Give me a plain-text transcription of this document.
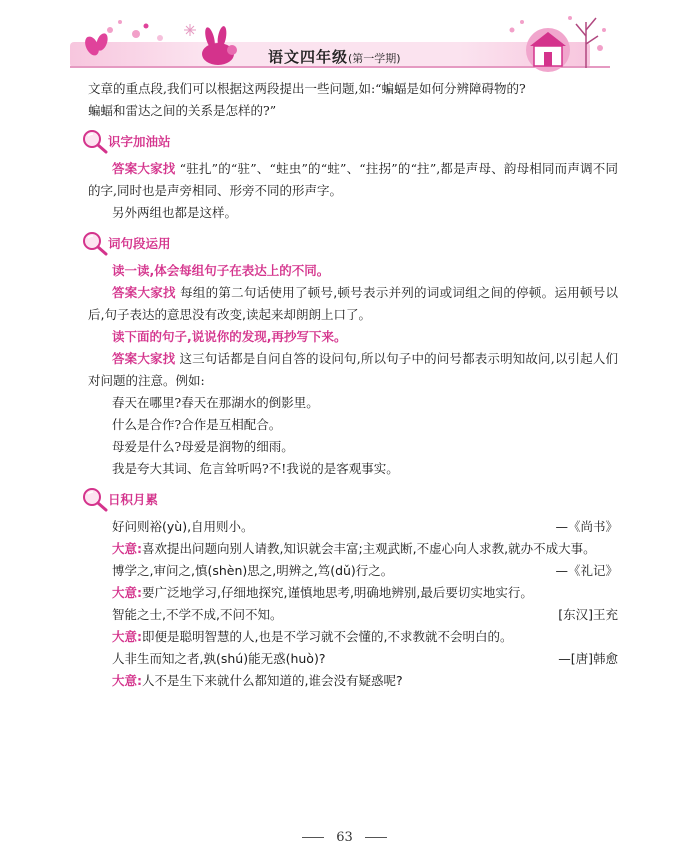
语文四年级(第一学期)

文章的重点段,我们可以根据这两段提出一些问题,如:“蝙蝠是如何分辨障碍物的?

蝙蝠和雷达之间的关系是怎样的?”

识字加油站

答案大家找 “驻扎”的“驻”、“蛀虫”的“蛀”、“拄拐”的“拄”,都是声母、韵母相同而声调不同的字,同时也是声旁相同、形旁不同的形声字。

另外两组也都是这样。

词句段运用
读一读,体会每组句子在表达上的不同。

答案大家找 每组的第二句话使用了顿号,顿号表示并列的词或词组之间的停顿。运用顿号以后,句子表达的意思没有改变,读起来却朗朗上口了。

读下面的句子,说说你的发现,再抄写下来。

答案大家找 这三句话都是自问自答的设问句,所以句子中的问号都表示明知故问,以引起人们对问题的注意。例如:

春天在哪里?春天在那湖水的倒影里。

什么是合作?合作是互相配合。

母爱是什么?母爱是润物的细雨。

我是夸大其词、危言耸听吗?不!我说的是客观事实。

日积月累
好问则裕(yù),自用则小。	—《尚书》

大意:喜欢提出问题向别人请教,知识就会丰富;主观武断,不虚心向人求教,就办不成大事。

博学之,审问之,慎(shèn)思之,明辨之,笃(dǔ)行之。	—《礼记》

大意:要广泛地学习,仔细地探究,谨慎地思考,明确地辨别,最后要切实地实行。

智能之士,不学不成,不问不知。	[东汉]王充

大意:即便是聪明智慧的人,也是不学习就不会懂的,不求教就不会明白的。

人非生而知之者,孰(shú)能无惑(huò)?	—[唐]韩愈

大意:人不是生下来就什么都知道的,谁会没有疑惑呢?

63
